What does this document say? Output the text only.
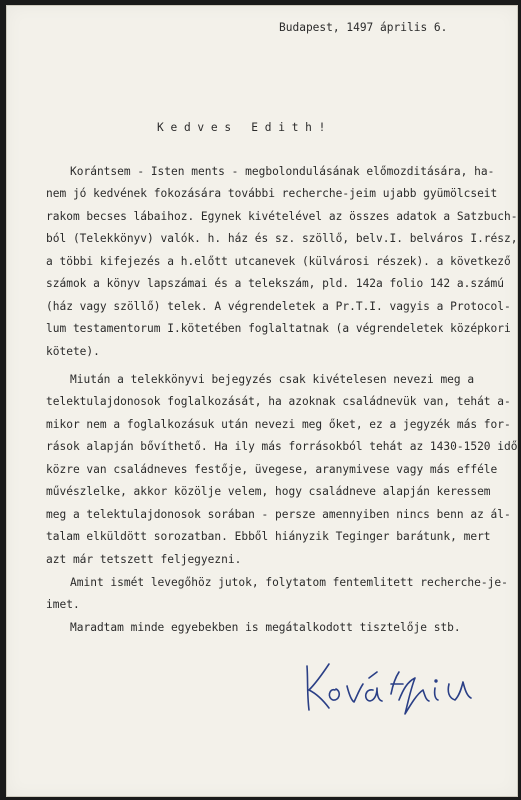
Budapest, 1497 április 6.
K e d v e s   E d i t h !
Korántsem - Isten ments - megbolondulásának előmozditására, ha-
nem jó kedvének fokozására további recherche-jeim ujabb gyümölcseit
rakom becses lábaihoz. Egynek kivételével az összes adatok a Satzbuch-
ból (Telekkönyv) valók. h. ház és sz. szöllő, belv.I. belváros I.rész,
a többi kifejezés a h.előtt utcanevek (külvárosi részek). a következő
számok a könyv lapszámai és a telekszám, pld. 142a folio 142 a.számú
(ház vagy szöllő) telek. A végrendeletek a Pr.T.I. vagyis a Protocol-
lum testamentorum I.kötetében foglaltatnak (a végrendeletek középkori
kötete).
Miután a telekkönyvi bejegyzés csak kivételesen nevezi meg a
telektulajdonosok foglalkozását, ha azoknak családnevük van, tehát a-
mikor nem a foglalkozásuk után nevezi meg őket, ez a jegyzék más for-
rások alapján bővíthető. Ha ily más forrásokból tehát az 1430-1520 idő
közre van családneves festője, üvegese, aranymivese vagy más efféle
művészlelke, akkor közölje velem, hogy családneve alapján keressem
meg a telektulajdonosok sorában - persze amennyiben nincs benn az ál-
talam elküldött sorozatban. Ebből hiányzik Teginger barátunk, mert
azt már tetszett feljegyezni.
Amint ismét levegőhöz jutok, folytatom fentemlitett recherche-je-
imet.
Maradtam minde egyebekben is megátalkodott tisztelője stb.
